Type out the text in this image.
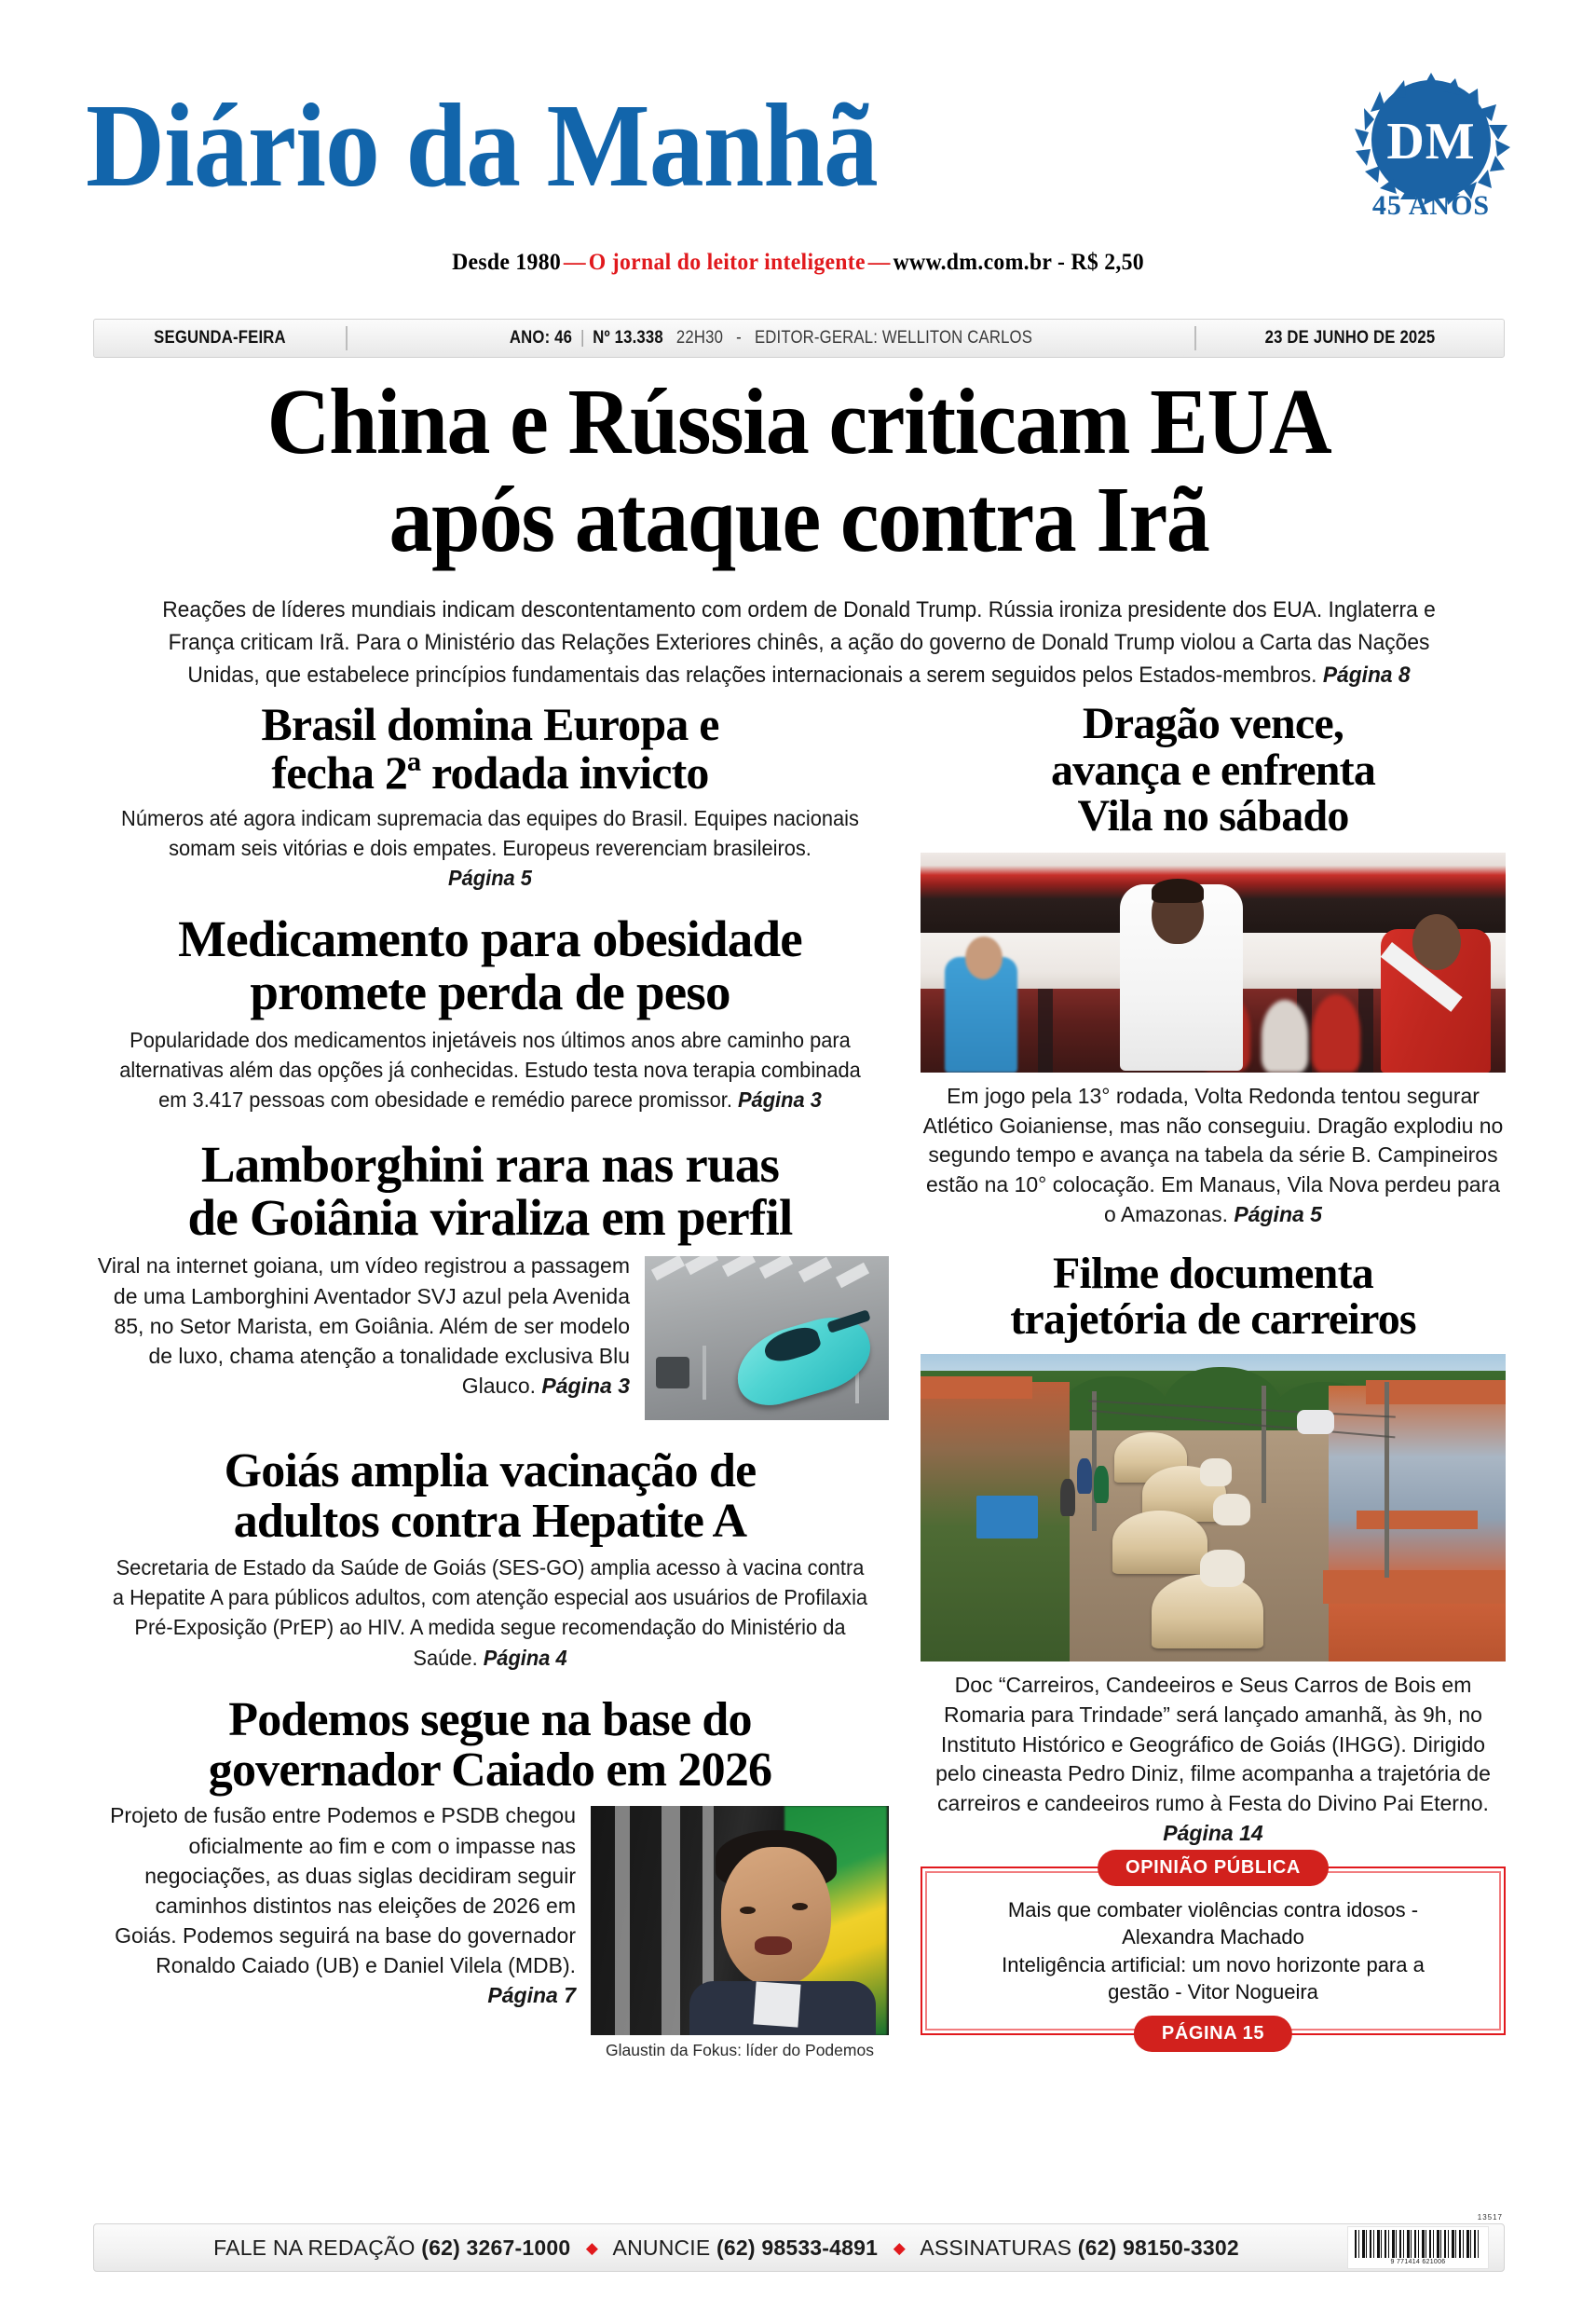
Diário da Manhã	DM
45 ANOS
Desde 1980 — O jornal do leitor inteligente — www.dm.com.br - R$ 2,50
SEGUNDA-FEIRA	ANO: 46 | Nº 13.338 22H30 - EDITOR-GERAL: WELLITON CARLOS	23 DE JUNHO DE 2025
China e Rússia criticam EUA
após ataque contra Irã
Reações de líderes mundiais indicam descontentamento com ordem de Donald Trump. Rússia ironiza presidente dos EUA. Inglaterra e França criticam Irã. Para o Ministério das Relações Exteriores chinês, a ação do governo de Donald Trump violou a Carta das Nações Unidas, que estabelece princípios fundamentais das relações internacionais a serem seguidos pelos Estados-membros. Página 8
Brasil domina Europa e
fecha 2ª rodada invicto

Números até agora indicam supremacia das equipes do Brasil. Equipes nacionais somam seis vitórias e dois empates. Europeus reverenciam brasileiros.
Página 5

Medicamento para obesidade
promete perda de peso

Popularidade dos medicamentos injetáveis nos últimos anos abre caminho para alternativas além das opções já conhecidas. Estudo testa nova terapia combinada em 3.417 pessoas com obesidade e remédio parece promissor. Página 3

Lamborghini rara nas ruas
de Goiânia viraliza em perfil

Viral na internet goiana, um vídeo registrou a passagem de uma Lamborghini Aventador SVJ azul pela Avenida 85, no Setor Marista, em Goiânia. Além de ser modelo de luxo, chama atenção a tonalidade exclusiva Blu Glauco. Página 3

Goiás amplia vacinação de
adultos contra Hepatite A

Secretaria de Estado da Saúde de Goiás (SES-GO) amplia acesso à vacina contra a Hepatite A para públicos adultos, com atenção especial aos usuários de Profilaxia Pré-Exposição (PrEP) ao HIV. A medida segue recomendação do Ministério da Saúde. Página 4

Podemos segue na base do
governador Caiado em 2026

Glaustin da Fokus: líder do Podemos

Projeto de fusão entre Podemos e PSDB chegou oficialmente ao fim e com o impasse nas negociações, as duas siglas decidiram seguir caminhos distintos nas eleições de 2026 em Goiás. Podemos seguirá na base do governador Ronaldo Caiado (UB) e Daniel Vilela (MDB). Página 7

Dragão vence,
avança e enfrenta
Vila no sábado

Em jogo pela 13° rodada, Volta Redonda tentou segurar Atlético Goianiense, mas não conseguiu. Dragão explodiu no segundo tempo e avança na tabela da série B. Campineiros estão na 10° colocação. Em Manaus, Vila Nova perdeu para o Amazonas. Página 5

Filme documenta
trajetória de carreiros

Doc “Carreiros, Candeeiros e Seus Carros de Bois em Romaria para Trindade” será lançado amanhã, às 9h, no Instituto Histórico e Geográfico de Goiás (IHGG). Dirigido pelo cineasta Pedro Diniz, filme acompanha a trajetória de carreiros e candeeiros rumo à Festa do Divino Pai Eterno. Página 14

OPINIÃO PÚBLICA
Mais que combater violências contra idosos -
Alexandra Machado
Inteligência artificial: um novo horizonte para a
gestão - Vitor Nogueira
PÁGINA 15
FALE NA REDAÇÃO (62) 3267-1000 ◆ ANUNCIE (62) 98533-4891 ◆ ASSINATURAS (62) 98150-3302
9 771414 621006
13517
